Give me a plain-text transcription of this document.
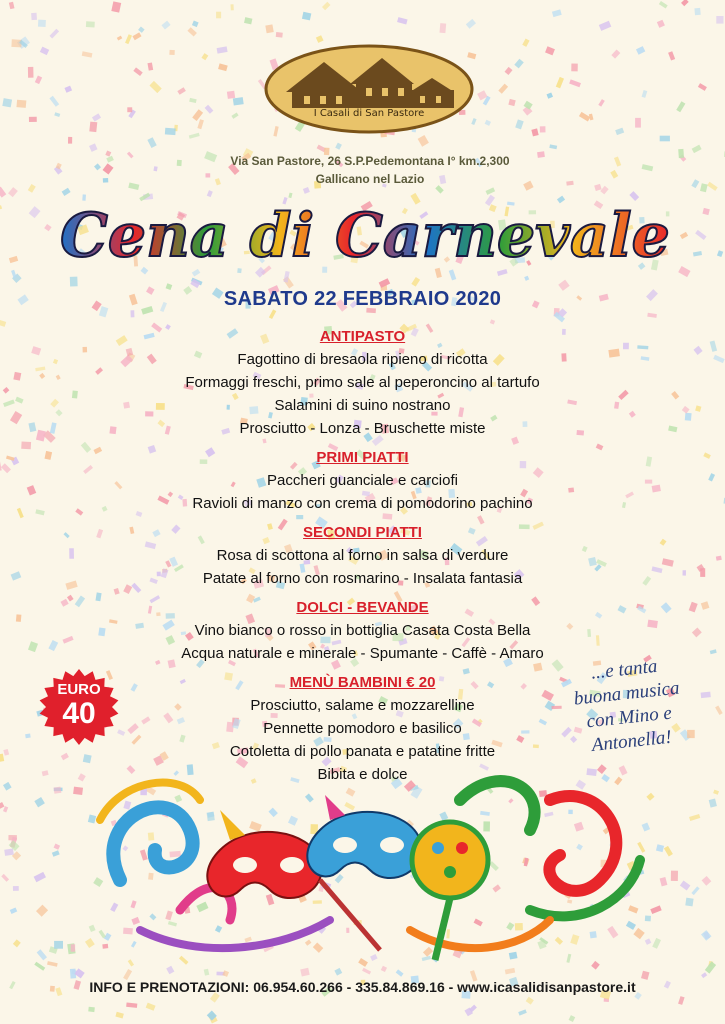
I Casali di San Pastore
Via San Pastore, 26 S.P.Pedemontana I° km.2,300
Gallicano nel Lazio
Cena di Carnevale
SABATO 22 FEBBRAIO 2020

ANTIPASTO

Fagottino di bresaola ripieno di ricotta

Formaggi freschi, primo sale al peperoncino al tartufo

Salamini di suino nostrano

Prosciutto - Lonza - Bruschette miste

PRIMI PIATTI

Paccheri guanciale e carciofi

Ravioli di manzo con crema di pomodorino pachino

SECONDI PIATTI

Rosa di scottona al forno in salsa di verdure

Patate al forno con rosmarino - Insalata fantasia

DOLCI - BEVANDE

Vino bianco o rosso in bottiglia Casata Costa Bella

Acqua naturale e minerale - Spumante - Caffè - Amaro

MENÙ BAMBINI € 20

Prosciutto, salame e mozzarelline

Pennette pomodoro e basilico

Cotoletta di pollo panata e patatine fritte

Bibita e dolce

EURO
40
...e tanta
buona musica
con Mino e
Antonella!
INFO E PRENOTAZIONI: 06.954.60.266 - 335.84.869.16 - www.icasalidisanpastore.it
